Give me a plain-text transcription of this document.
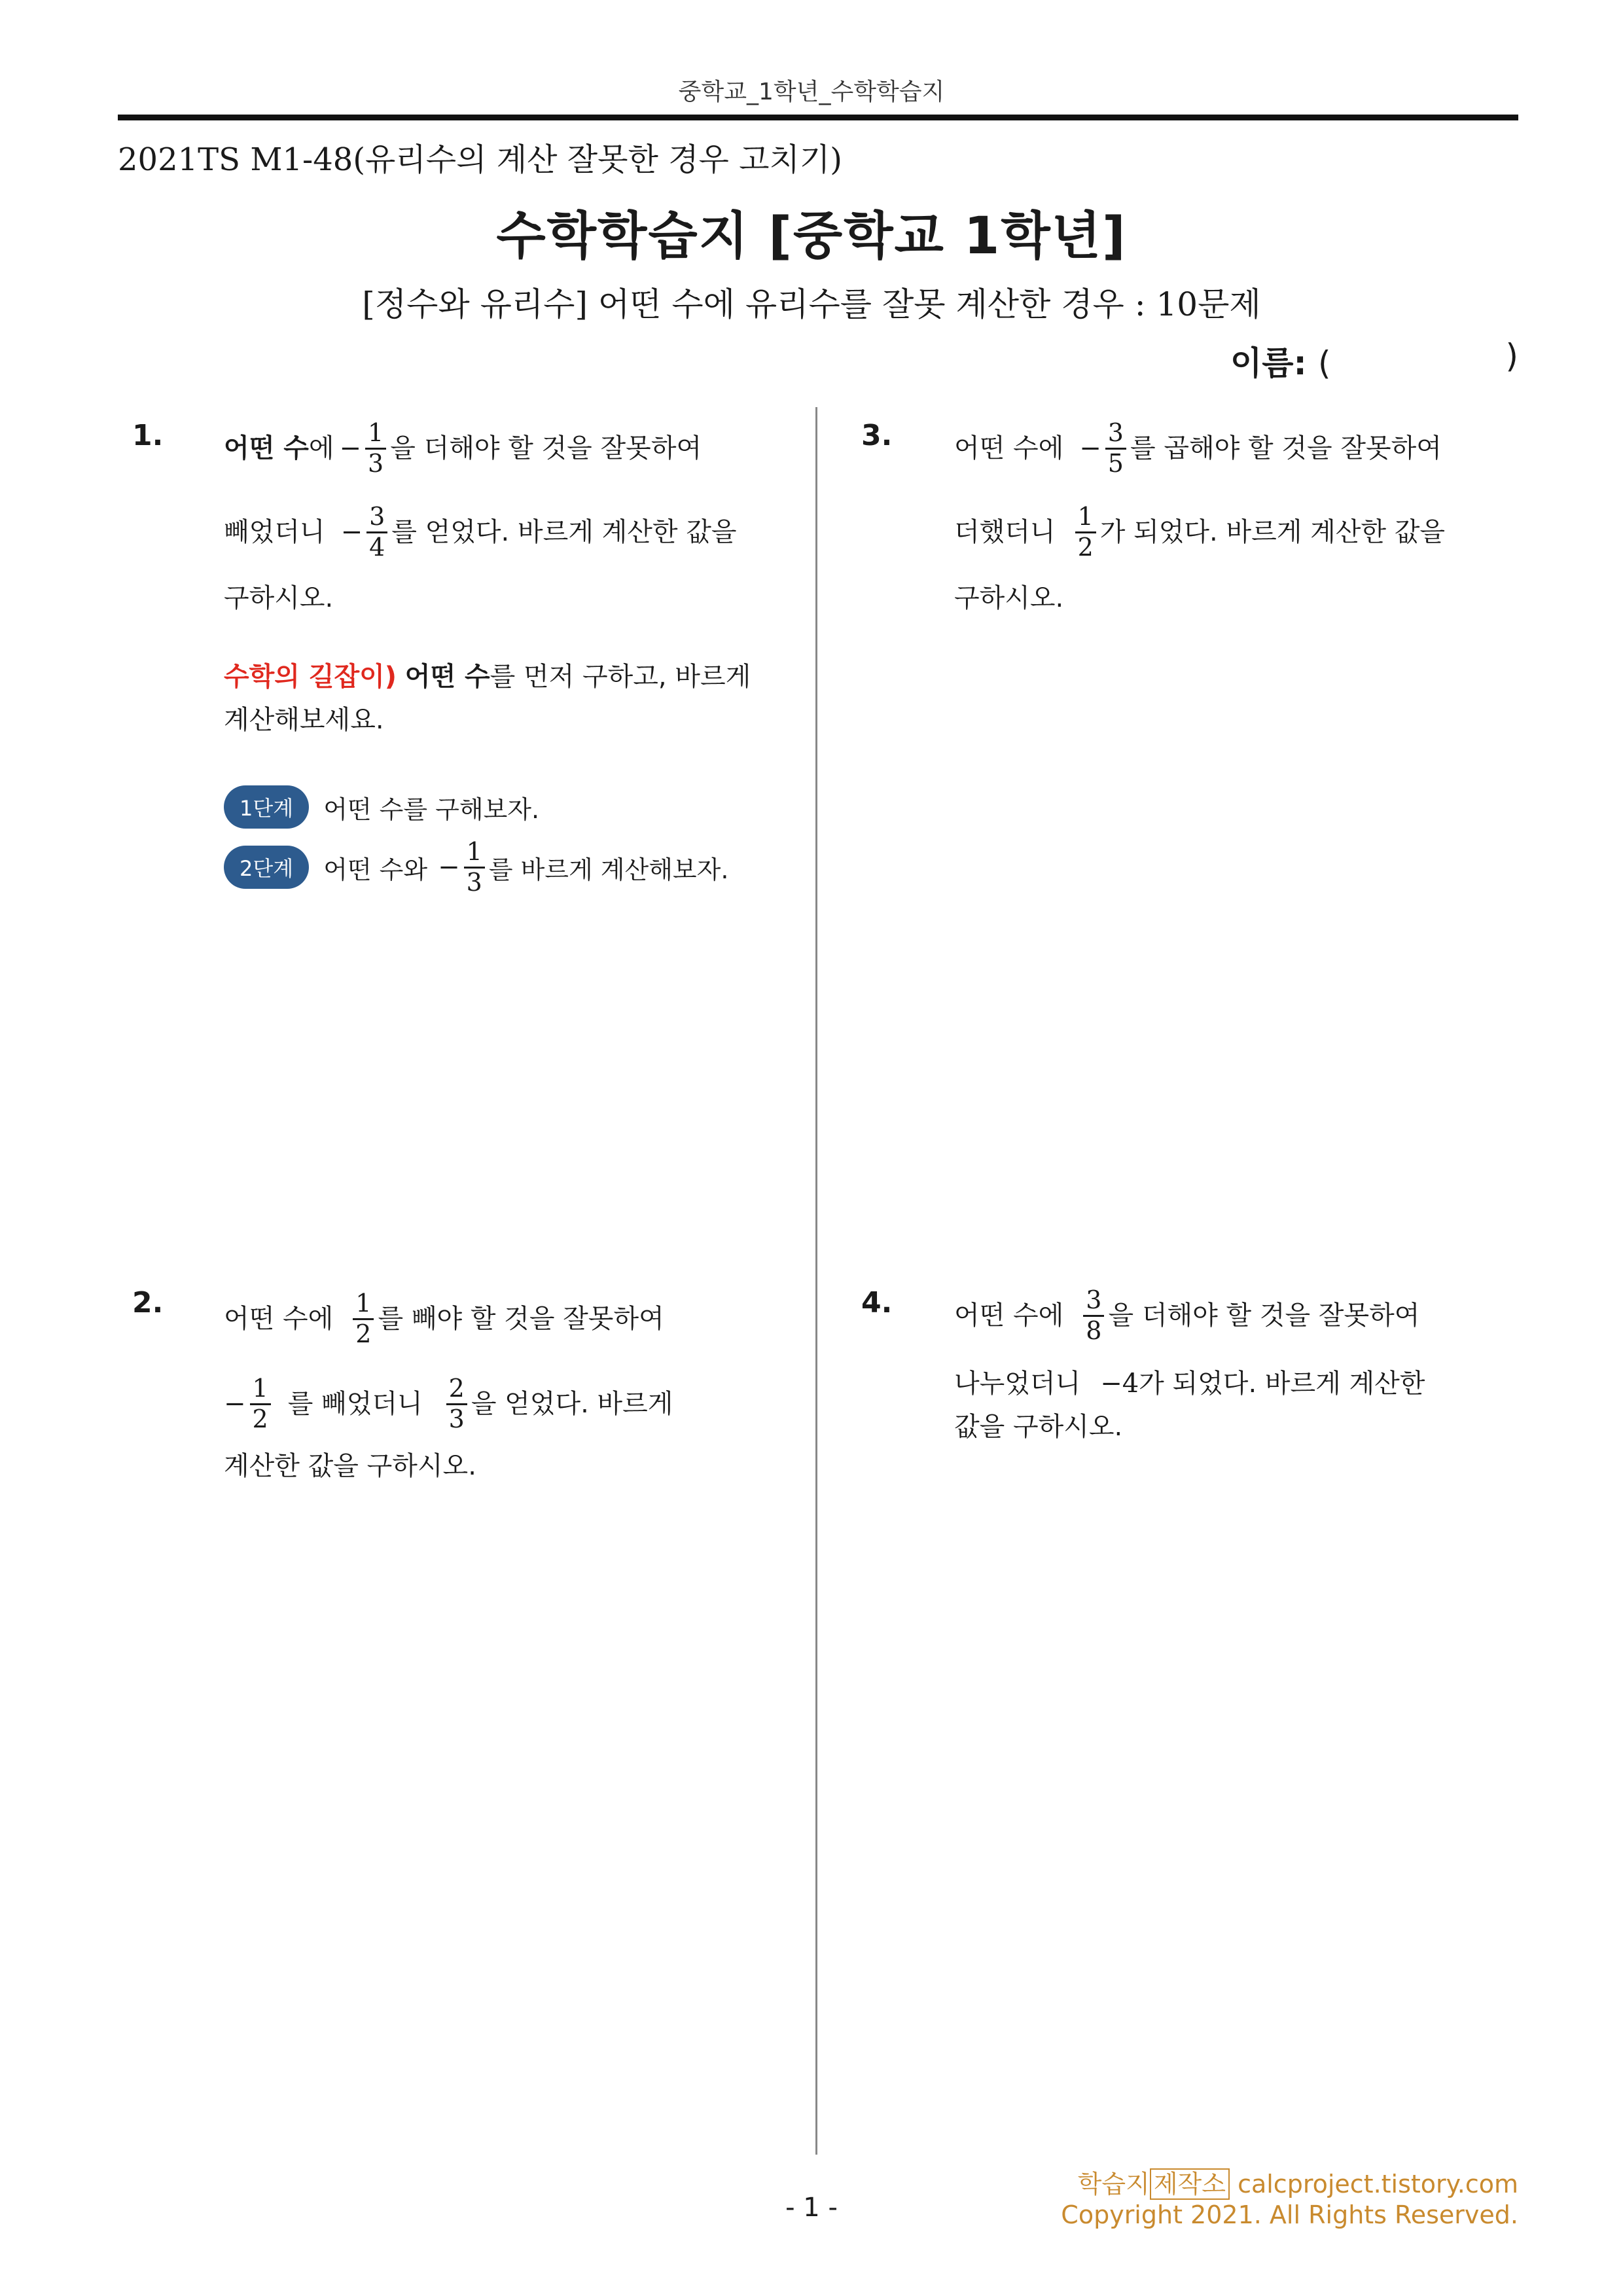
중학교_1학년_수학학습지
2021TS M1-48(유리수의 계산 잘못한 경우 고치기)
수학학습지 [중학교 1학년]
[정수와 유리수] 어떤 수에 유리수를 잘못 계산한 경우 : 10문제
이름: (	)
1. 어떤 수 에 − $\frac{1}{3}$ 을 더해야 할 것을 잘못하여
빼었더니 − $\frac{3}{4}$ 를 얻었다. 바르게 계산한 값을
구하시오.
수학의 길잡이) 어떤 수를 먼저 구하고, 바르게
계산해보세요.
1단계	어떤 수를 구해보자.
2단계	어떤 수와 − $\frac{1}{3}$ 를 바르게 계산해보자.
2. 어떤 수에 $\frac{1}{2}$ 를 빼야 할 것을 잘못하여
− $\frac{1}{2}$ 를 빼었더니 $\frac{2}{3}$ 을 얻었다. 바르게
계산한 값을 구하시오.
3. 어떤 수에 − $\frac{3}{5}$ 를 곱해야 할 것을 잘못하여
더했더니 $\frac{1}{2}$ 가 되었다. 바르게 계산한 값을
구하시오.
4. 어떤 수에 $\frac{3}{8}$ 을 더해야 할 것을 잘못하여
나누었더니 −4 가 되었다. 바르게 계산한
값을 구하시오.
- 1 -
학습지 제작소 calcproject.tistory.com
Copyright 2021. All Rights Reserved.
